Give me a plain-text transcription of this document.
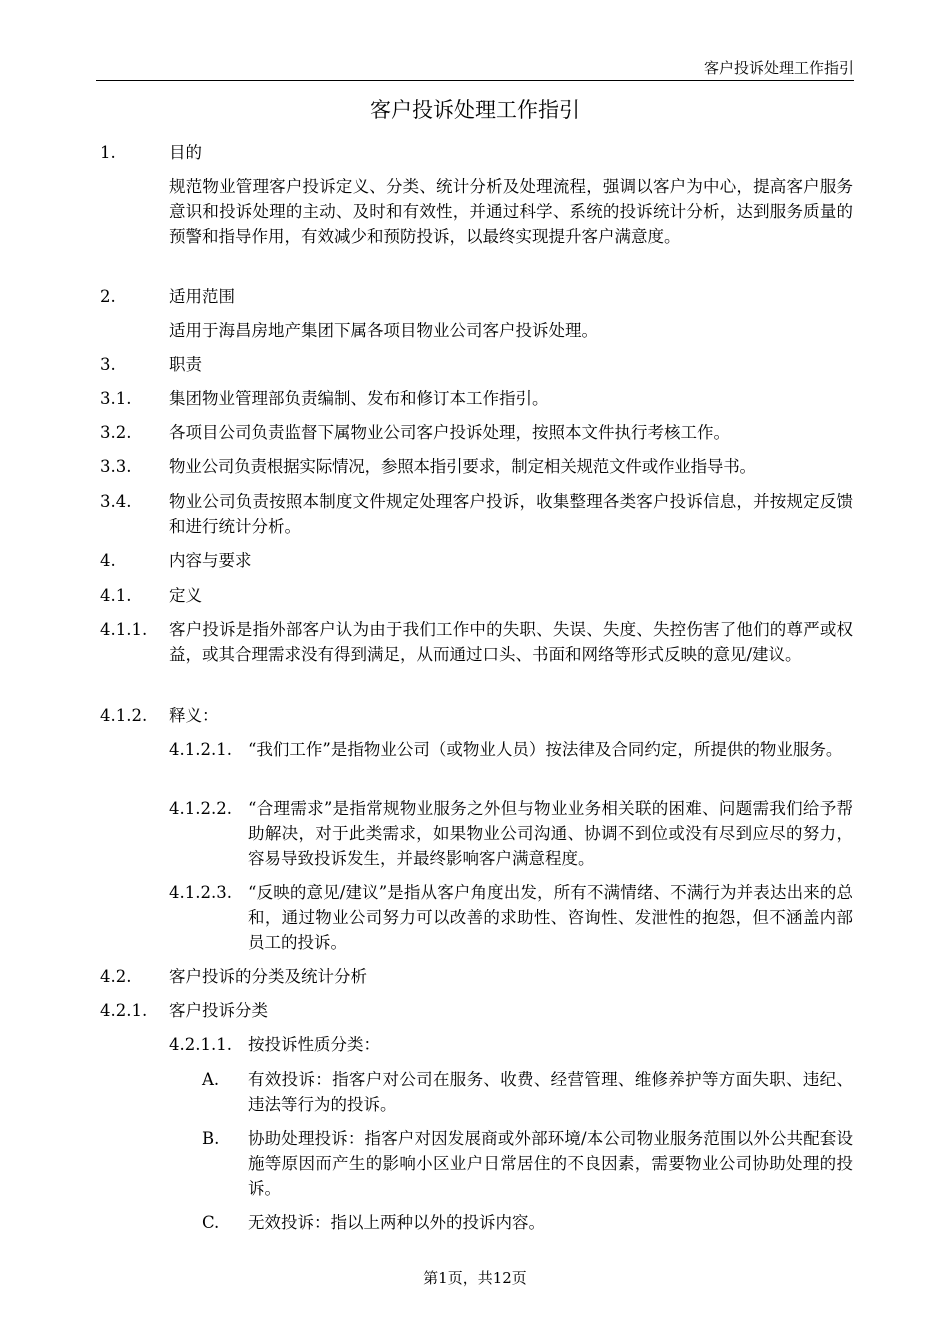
客户投诉处理工作指引
客户投诉处理工作指引
1.	目的
规范物业管理客户投诉定义、分类、统计分析及处理流程，强调以客户为中心，提高客户服务意识和投诉处理的主动、及时和有效性，并通过科学、系统的投诉统计分析，达到服务质量的预警和指导作用，有效减少和预防投诉，以最终实现提升客户满意度。
2.	适用范围
适用于海昌房地产集团下属各项目物业公司客户投诉处理。
3.	职责
3.1. 集团物业管理部负责编制、发布和修订本工作指引。
3.2. 各项目公司负责监督下属物业公司客户投诉处理，按照本文件执行考核工作。
3.3. 物业公司负责根据实际情况，参照本指引要求，制定相关规范文件或作业指导书。
3.4. 物业公司负责按照本制度文件规定处理客户投诉，收集整理各类客户投诉信息，并按规定反馈和进行统计分析。
4.	内容与要求
4.1. 定义
4.1.1. 客户投诉是指外部客户认为由于我们工作中的失职、失误、失度、失控伤害了他们的尊严或权益，或其合理需求没有得到满足，从而通过口头、书面和网络等形式反映的意见/建议。
4.1.2. 释义：
4.1.2.1. “我们工作”是指物业公司（或物业人员）按法律及合同约定，所提供的物业服务。
4.1.2.2. “合理需求”是指常规物业服务之外但与物业业务相关联的困难、问题需我们给予帮助解决，对于此类需求，如果物业公司沟通、协调不到位或没有尽到应尽的努力，容易导致投诉发生，并最终影响客户满意程度。
4.1.2.3. “反映的意见/建议”是指从客户角度出发，所有不满情绪、不满行为并表达出来的总和，通过物业公司努力可以改善的求助性、咨询性、发泄性的抱怨，但不涵盖内部员工的投诉。
4.2. 客户投诉的分类及统计分析
4.2.1. 客户投诉分类
4.2.1.1. 按投诉性质分类：
A. 有效投诉：指客户对公司在服务、收费、经营管理、维修养护等方面失职、违纪、违法等行为的投诉。
B. 协助处理投诉：指客户对因发展商或外部环境/本公司物业服务范围以外公共配套设施等原因而产生的影响小区业户日常居住的不良因素，需要物业公司协助处理的投诉。
C. 无效投诉：指以上两种以外的投诉内容。
第1页，共12页
